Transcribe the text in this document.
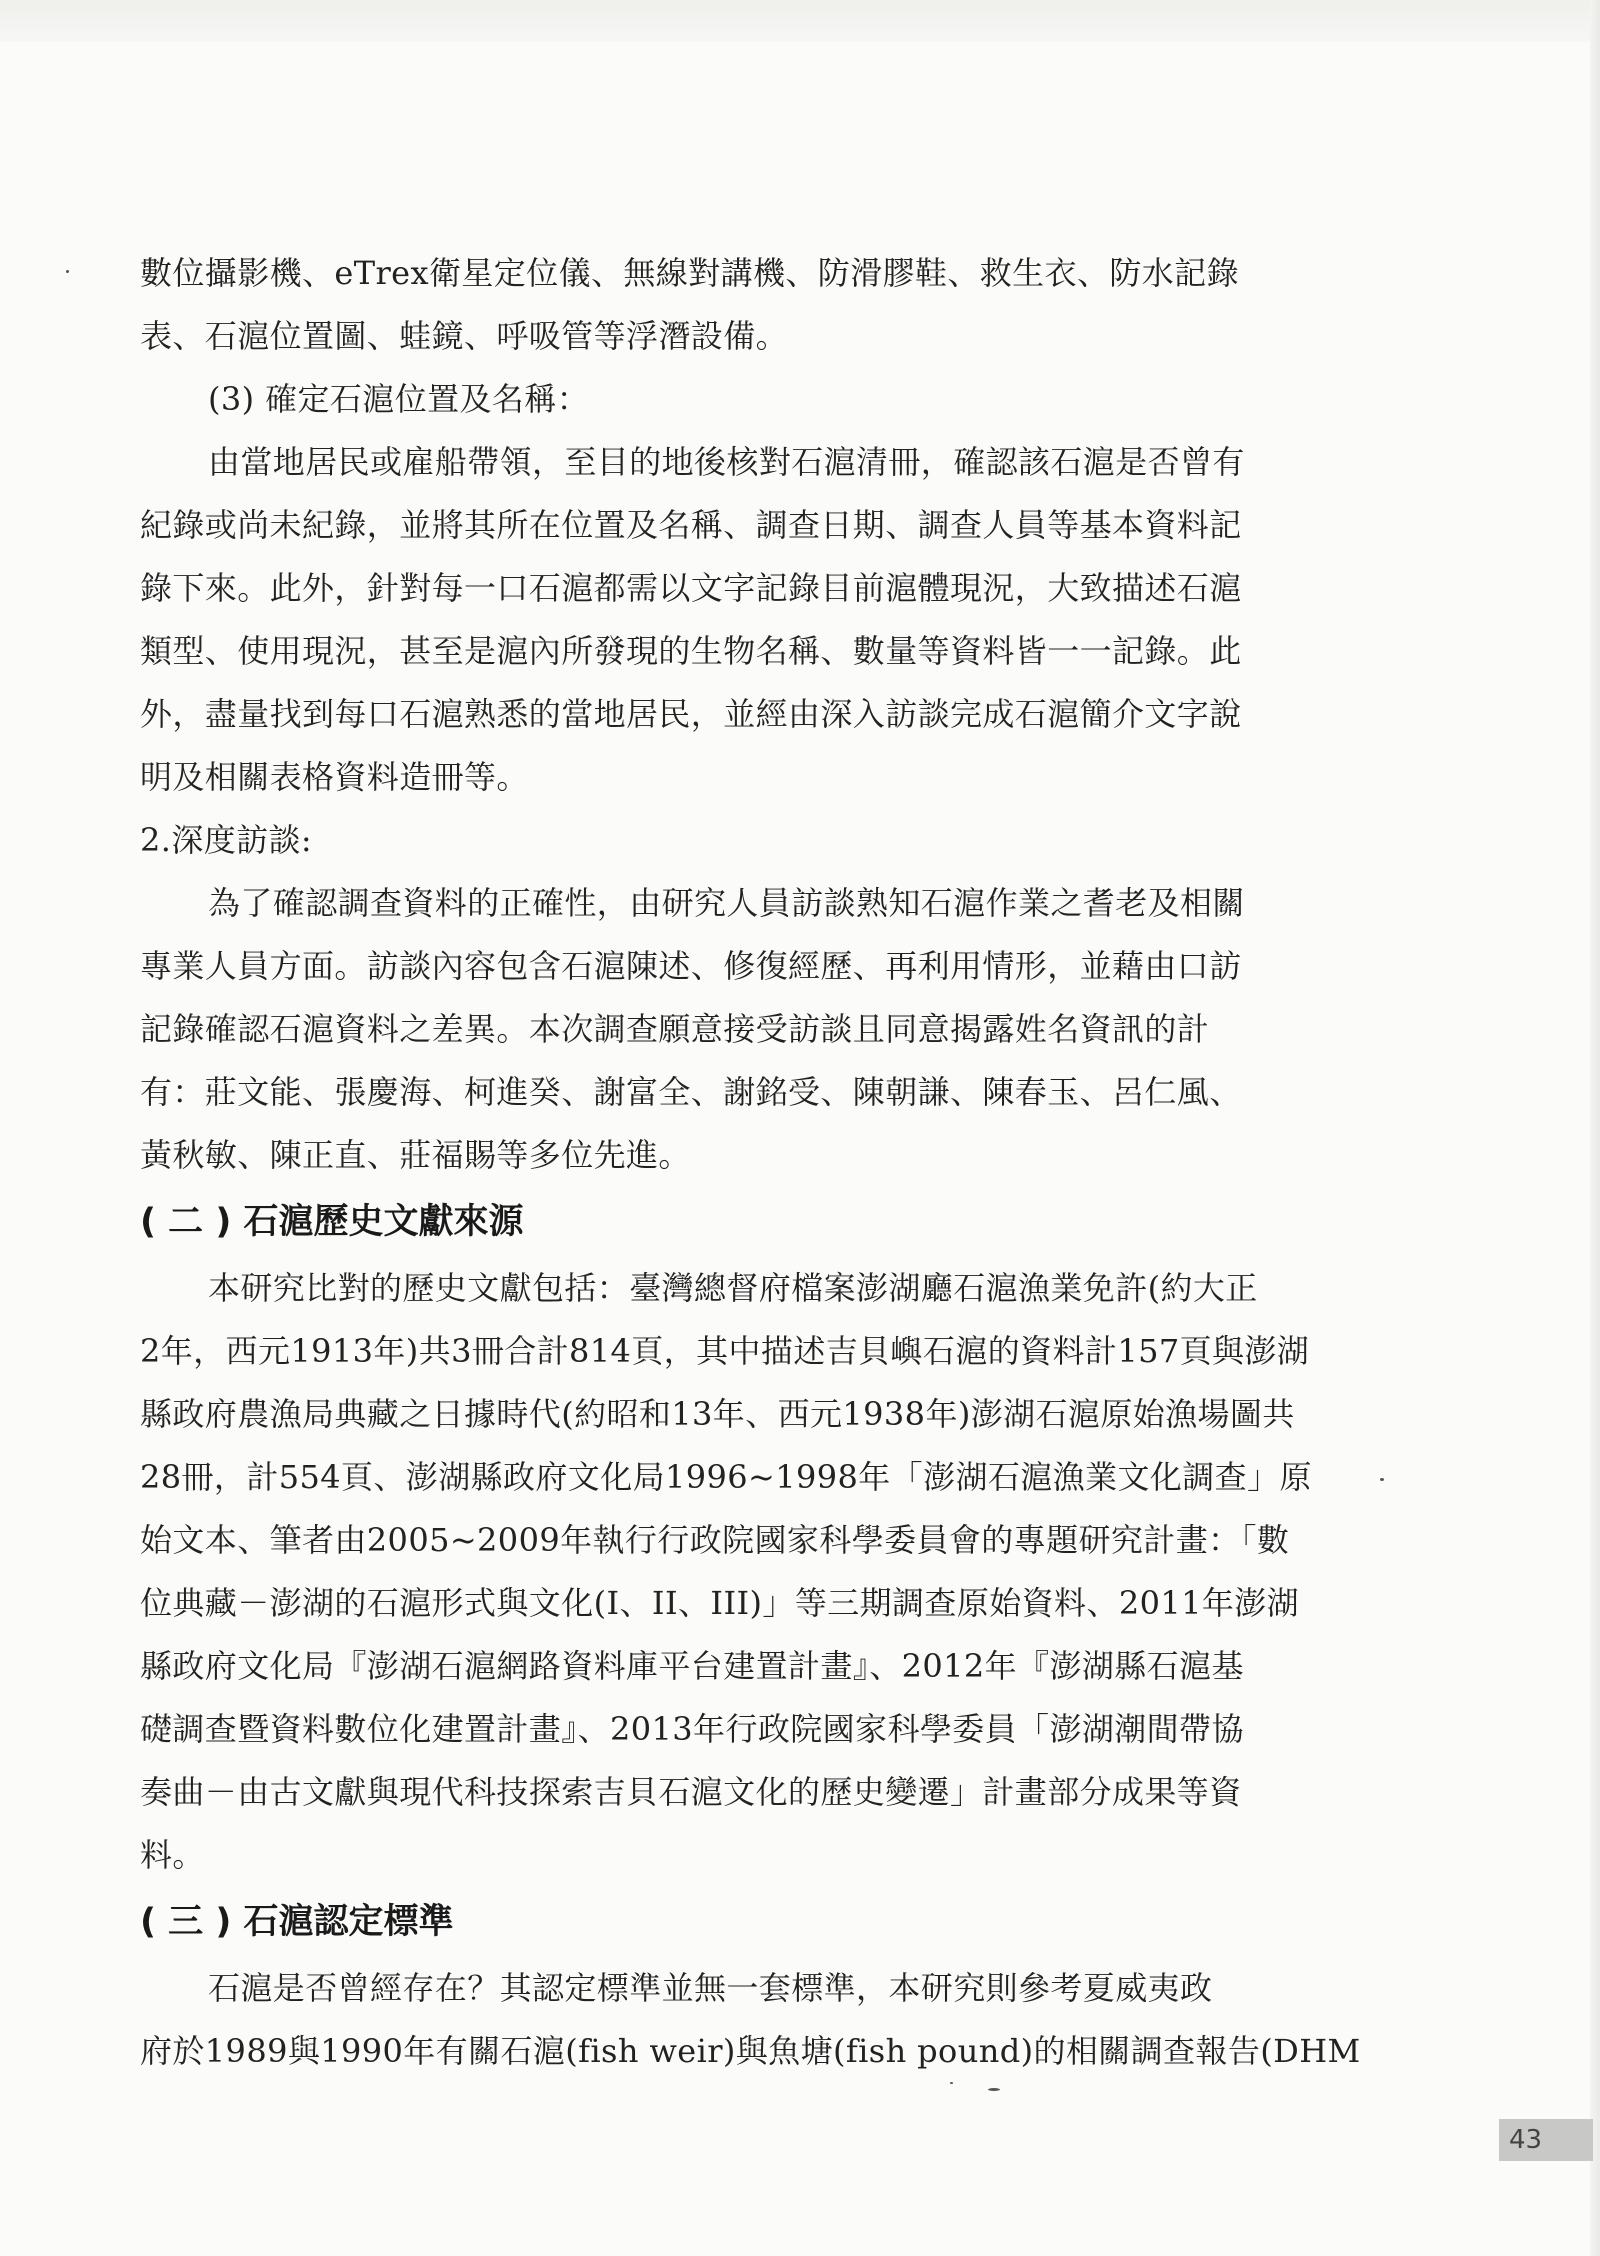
數位攝影機、eTrex衛星定位儀、無線對講機、防滑膠鞋、救生衣、防水記錄
表、石滬位置圖、蛙鏡、呼吸管等浮潛設備。
(3) 確定石滬位置及名稱：
由當地居民或雇船帶領，至目的地後核對石滬清冊，確認該石滬是否曾有
紀錄或尚未紀錄，並將其所在位置及名稱、調查日期、調查人員等基本資料記
錄下來。此外，針對每一口石滬都需以文字記錄目前滬體現況，大致描述石滬
類型、使用現況，甚至是滬內所發現的生物名稱、數量等資料皆一一記錄。此
外，盡量找到每口石滬熟悉的當地居民，並經由深入訪談完成石滬簡介文字說
明及相關表格資料造冊等。
2.深度訪談:
為了確認調查資料的正確性，由研究人員訪談熟知石滬作業之耆老及相關
專業人員方面。訪談內容包含石滬陳述、修復經歷、再利用情形，並藉由口訪
記錄確認石滬資料之差異。本次調查願意接受訪談且同意揭露姓名資訊的計
有：莊文能、張慶海、柯進癸、謝富全、謝銘受、陳朝謙、陳春玉、呂仁風、
黃秋敏、陳正直、莊福賜等多位先進。
( 二 ) 石滬歷史文獻來源
本研究比對的歷史文獻包括：臺灣總督府檔案澎湖廳石滬漁業免許(約大正
2年，西元1913年)共3冊合計814頁，其中描述吉貝嶼石滬的資料計157頁與澎湖
縣政府農漁局典藏之日據時代(約昭和13年、西元1938年)澎湖石滬原始漁場圖共
28冊，計554頁、澎湖縣政府文化局1996~1998年「澎湖石滬漁業文化調查」原
始文本、筆者由2005~2009年執行行政院國家科學委員會的專題研究計畫：「數
位典藏－澎湖的石滬形式與文化(I、II、III)」等三期調查原始資料、2011年澎湖
縣政府文化局『澎湖石滬網路資料庫平台建置計畫』、2012年『澎湖縣石滬基
礎調查暨資料數位化建置計畫』、2013年行政院國家科學委員「澎湖潮間帶協
奏曲－由古文獻與現代科技探索吉貝石滬文化的歷史變遷」計畫部分成果等資
料。
( 三 ) 石滬認定標準
石滬是否曾經存在？其認定標準並無一套標準，本研究則參考夏威夷政
府於1989與1990年有關石滬(fish weir)與魚塘(fish pound)的相關調查報告(DHM
43
